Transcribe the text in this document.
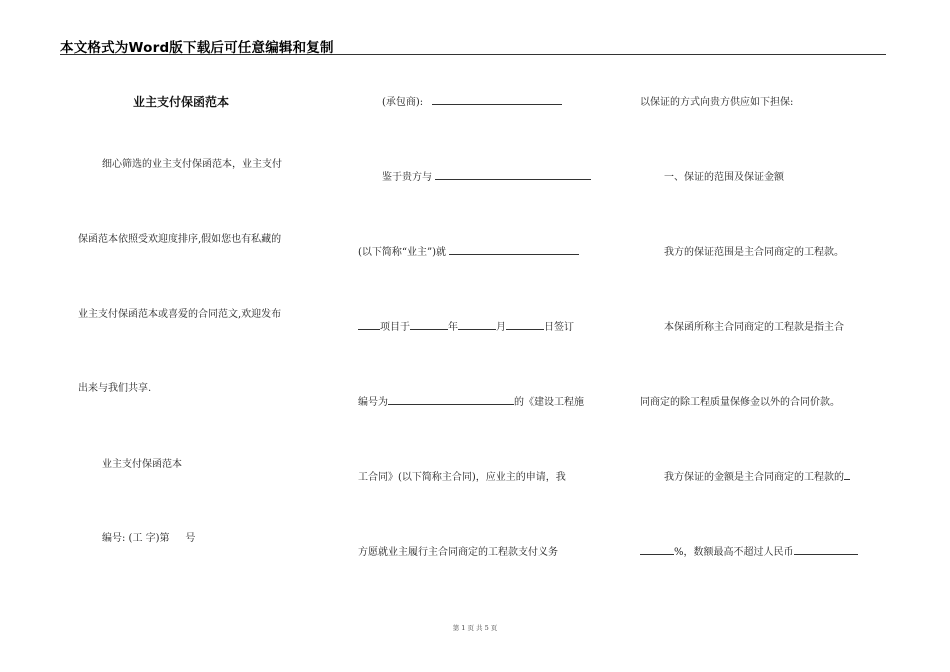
本文格式为Word版下载后可任意编辑和复制
业主支付保函范本
细心筛选的业主支付保函范本，业主支付
保函范本依照受欢迎度排序,假如您也有私藏的
业主支付保函范本或喜爱的合同范文,欢迎发布
出来与我们共享.
业主支付保函范本
编号: (工 字)第     号
(承包商):
鉴于贵方与
(以下简称“业主”)就
项目于	年	月	日签订
编号为	的《建设工程施
工合同》(以下简称主合同)，应业主的申请，我
方愿就业主履行主合同商定的工程款支付义务
以保证的方式向贵方供应如下担保:
一、保证的范围及保证金额
我方的保证范围是主合同商定的工程款。
本保函所称主合同商定的工程款是指主合
同商定的除工程质量保修金以外的合同价款。
我方保证的金额是主合同商定的工程款的
%，数额最高不超过人民币
第 1 页 共 5 页
